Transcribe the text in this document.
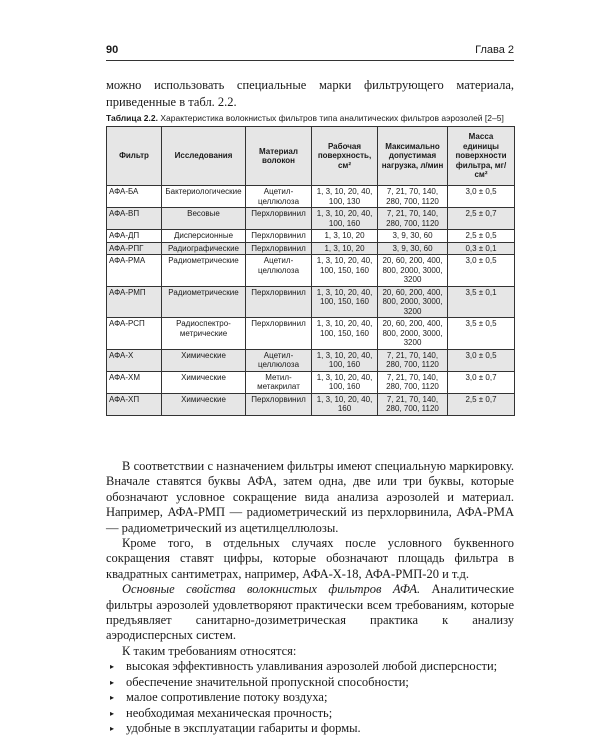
90	Глава 2
можно использовать специальные марки фильтрующего материала, приведенные в табл. 2.2.
Таблица 2.2. Характеристика волокнистых фильтров типа аналитических фильтров аэрозолей [2–5]
Фильтр	Исследования	Материал волокон	Рабочая поверхность, см²	Максимально допустимая нагрузка, л/мин	Масса единицы поверхности фильтра, мг/см²
АФА-БА	Бактериологические	Ацетил-целлюлоза	1, 3, 10, 20, 40, 100, 130	7, 21, 70, 140, 280, 700, 1120	3,0 ± 0,5
АФА-ВП	Весовые	Перхлорвинил	1, 3, 10, 20, 40, 100, 160	7, 21, 70, 140, 280, 700, 1120	2,5 ± 0,7
АФА-ДП	Дисперсионные	Перхлорвинил	1, 3, 10, 20	3, 9, 30, 60	2,5 ± 0,5
АФА-РПГ	Радиографические	Перхлорвинил	1, 3, 10, 20	3, 9, 30, 60	0,3 ± 0,1
АФА-РМА	Радиометрические	Ацетил-целлюлоза	1, 3, 10, 20, 40, 100, 150, 160	20, 60, 200, 400, 800, 2000, 3000, 3200	3,0 ± 0,5
АФА-РМП	Радиометрические	Перхлорвинил	1, 3, 10, 20, 40, 100, 150, 160	20, 60, 200, 400, 800, 2000, 3000, 3200	3,5 ± 0,1
АФА-РСП	Радиоспектро-метрические	Перхлорвинил	1, 3, 10, 20, 40, 100, 150, 160	20, 60, 200, 400, 800, 2000, 3000, 3200	3,5 ± 0,5
АФА-Х	Химические	Ацетил-целлюлоза	1, 3, 10, 20, 40, 100, 160	7, 21, 70, 140, 280, 700, 1120	3,0 ± 0,5
АФА-ХМ	Химические	Метил-метакрилат	1, 3, 10, 20, 40, 100, 160	7, 21, 70, 140, 280, 700, 1120	3,0 ± 0,7
АФА-ХП	Химические	Перхлорвинил	1, 3, 10, 20, 40, 160	7, 21, 70, 140, 280, 700, 1120	2,5 ± 0,7

В соответствии с назначением фильтры имеют специальную маркировку. Вначале ставятся буквы АФА, затем одна, две или три буквы, которые обозначают условное сокращение вида анализа аэрозолей и материал. Например, АФА-РМП — радиометрический из перхлорвинила, АФА-РМА — радиометрический из ацетилцеллюлозы.

Кроме того, в отдельных случаях после условного буквенного сокращения ставят цифры, которые обозначают площадь фильтра в квадратных сантиметрах, например, АФА-Х-18, АФА-РМП-20 и т.д.

Основные свойства волокнистых фильтров АФА. Аналитические фильтры аэрозолей удовлетворяют практически всем требованиям, которые предъявляет санитарно-дозиметрическая практика к анализу аэродисперсных систем.

К таким требованиям относятся:

▸ высокая эффективность улавливания аэрозолей любой дисперсности;
▸ обеспечение значительной пропускной способности;
▸ малое сопротивление потоку воздуха;
▸ необходимая механическая прочность;
▸ удобные в эксплуатации габариты и формы.
